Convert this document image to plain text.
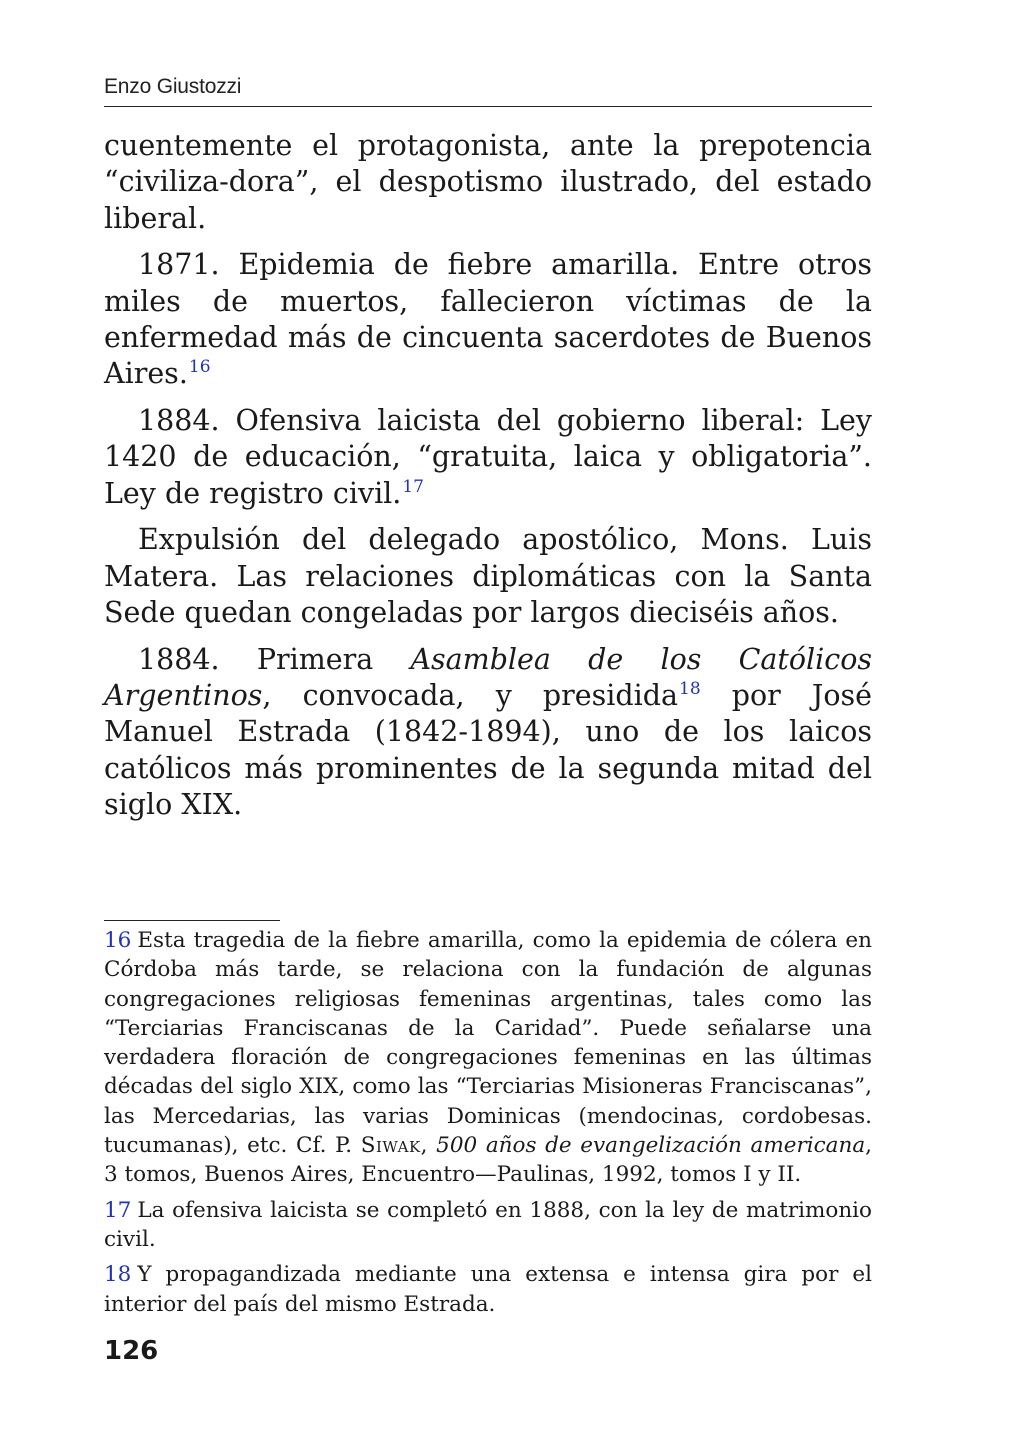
Enzo Giustozzi

cuentemente el protagonista, ante la prepotencia “civiliza-dora”, el despotismo ilustrado, del estado liberal.

1871. Epidemia de fiebre amarilla. Entre otros miles de muertos, fallecieron víctimas de la enfermedad más de cincuenta sacerdotes de Buenos Aires.$^{16}$

1884. Ofensiva laicista del gobierno liberal: Ley 1420 de educación, “gratuita, laica y obligatoria”. Ley de registro civil.$^{17}$

Expulsión del delegado apostólico, Mons. Luis Matera. Las relaciones diplomáticas con la Santa Sede quedan congeladas por largos dieciséis años.

1884. Primera Asamblea de los Católicos Argentinos, convocada, y presidida$^{18}$ por José Manuel Estrada (1842-1894), uno de los laicos católicos más prominentes de la segunda mitad del siglo XIX.

16 Esta tragedia de la fiebre amarilla, como la epidemia de cólera en Córdoba más tarde, se relaciona con la fundación de algunas congregaciones religiosas femeninas argentinas, tales como las “Terciarias Franciscanas de la Caridad”. Puede señalarse una verdadera floración de congregaciones femeninas en las últimas décadas del siglo XIX, como las “Terciarias Misioneras Franciscanas”, las Mercedarias, las varias Dominicas (mendocinas, cordobesas. tucumanas), etc. Cf. P. Siwak, 500 años de evangelización americana, 3 tomos, Buenos Aires, Encuentro—Paulinas, 1992, tomos I y II.
17 La ofensiva laicista se completó en 1888, con la ley de matrimonio civil.
18 Y propagandizada mediante una extensa e intensa gira por el interior del país del mismo Estrada.
126
